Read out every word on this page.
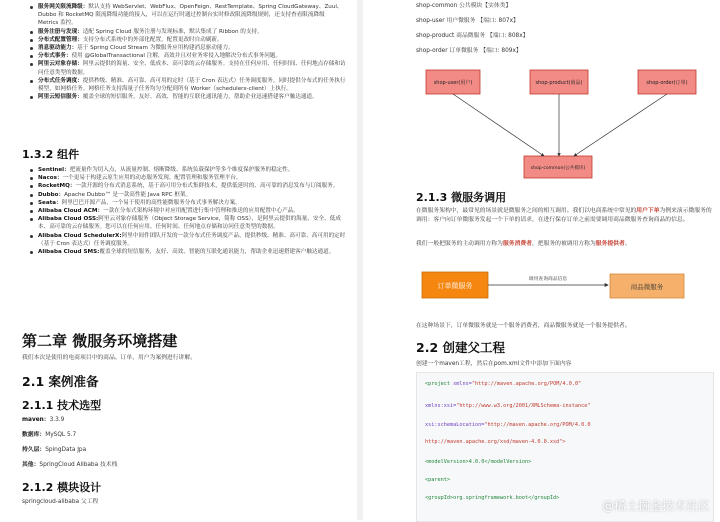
服务网关限流降级：默认支持 WebServlet、WebFlux、OpenFeign、RestTemplate、Spring CloudGateway、Zuul、Dubbo 和 RocketMQ 限流降级功能的接入，可以在运行时通过控制台实时修改限流降级规则，还支持查看限流降级 Metrics 监控。
服务注册与发现：适配 Spring Cloud 服务注册与发现标准，默认集成了 Ribbon 的支持。
分布式配置管理：支持分布式系统中的外部化配置，配置更改时自动刷新。
消息驱动能力：基于 Spring Cloud Stream 为微服务应用构建消息驱动能力。
分布式事务：使用 @GlobalTransactional 注解，高效并且对业务零侵入地解决分布式事务问题。
阿里云对象存储：阿里云提供的海量、安全、低成本、高可靠的云存储服务。支持在任何应用、任何时间、任何地点存储和访问任意类型的数据。
分布式任务调度：提供秒级、精准、高可靠、高可用的定时（基于 Cron 表达式）任务调度服务。同时提供分布式的任务执行模型，如网格任务。网格任务支持海量子任务均匀分配到所有 Worker（schedulerx-client）上执行。
阿里云短信服务：覆盖全球的短信服务，友好、高效、智能的互联化通讯能力，帮助企业迅速搭建客户触达通道。
1.3.2 组件
Sentinel：把流量作为切入点，从流量控制、熔断降级、系统负载保护等多个维度保护服务的稳定性。
Nacos：一个更易于构建云原生应用的动态服务发现、配置管理和服务管理平台。
RocketMQ：一款开源的分布式消息系统，基于高可用分布式集群技术，提供低延时的、高可靠的消息发布与订阅服务。
Dubbo：Apache Dubbo™ 是一款高性能 Java RPC 框架。
Seata：阿里巴巴开源产品，一个易于使用的高性能微服务分布式事务解决方案。
Alibaba Cloud ACM：一款在分布式架构环境中对应用配置进行集中管理和推送的应用配置中心产品。
Alibaba Cloud OSS:阿里云对象存储服务（Object Storage Service，简称 OSS），是阿里云提供的海量、安全、低成本、高可靠的云存储服务。您可以在任何应用、任何时间、任何地点存储和访问任意类型的数据。
Alibaba Cloud SchedulerX:阿里中间件团队开发的一款分布式任务调度产品，提供秒级、精准、高可靠、高可用的定时（基于 Cron 表达式）任务调度服务。
Alibaba Cloud SMS:覆盖全球的短信服务，友好、高效、智能的互联化通讯能力，帮助企业迅速搭建客户触达通道。
第二章 微服务环境搭建
我们本次是使用的电商项目中的商品、订单、用户为案例进行讲解。
2.1 案例准备
2.1.1 技术选型
maven：3.3.9
数据库：MySQL 5.7
持久层：SpingData Jpa
其他：SpringCloud Alibaba 技术栈
2.1.2 模块设计
springcloud-alibaba 父工程
shop-common 公共模块【实体类】
shop-user 用户微服务 【端口: 807x】
shop-product 商品微服务 【端口: 808x】
shop-order 订单微服务 【端口: 809x】
shop-user(用户)	shop-product(商品)	shop-order(订单)
shop-common(公共模块)
2.1.3 微服务调用
在微服务架构中，最常见的场景就是微服务之间的相互调用。我们以电商系统中常见的用户下单为例来演示微服务的调用：客户向订单微服务发起一个下单的请求，在进行保存订单之前需要调用商品微服务查询商品的信息。
我们一般把服务的主动调用方称为服务消费者，把服务的被调用方称为服务提供者。
订单微服务	商品微服务
调用查询商品信息
在这种场景下，订单微服务就是一个服务消费者，商品微服务就是一个服务提供者。
2.2 创建父工程
创建一个maven工程，然后在pom.xml文件中添加下面内容
<project xmlns="http://maven.apache.org/POM/4.0.0"
xmlns:xsi="http://www.w3.org/2001/XMLSchema-instance"
xsi:schemaLocation="http://maven.apache.org/POM/4.0.0
http://maven.apache.org/xsd/maven-4.0.0.xsd">
<modelVersion>4.0.0</modelVersion>
<parent>
<groupId>org.springframework.boot</groupId>
@稀土掘金技术社区
